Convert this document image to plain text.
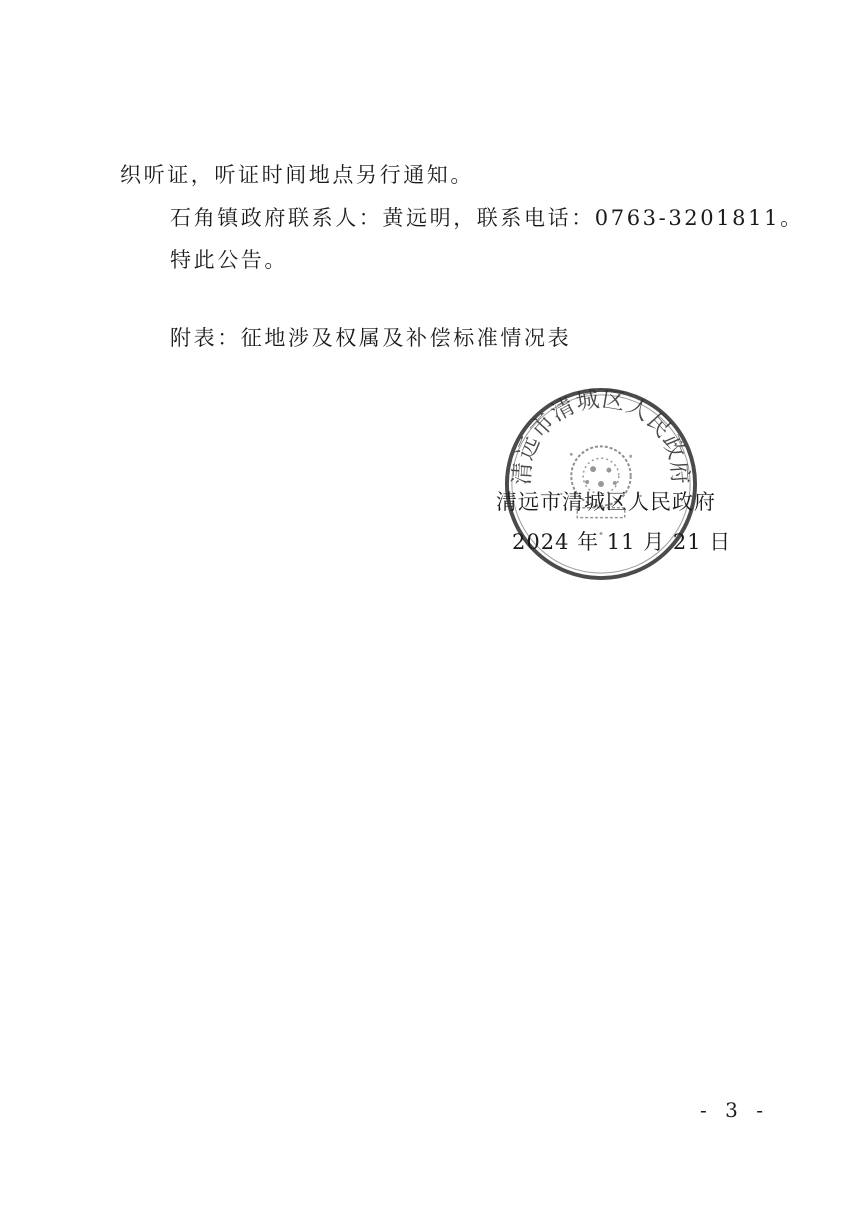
织听证，听证时间地点另行通知。
石角镇政府联系人：黄远明，联系电话：0763-3201811。
特此公告。
附表：征地涉及权属及补偿标准情况表
清远市清城区人民政府
清远市清城区人民政府
2024 年 11 月 21 日
- 3 -
